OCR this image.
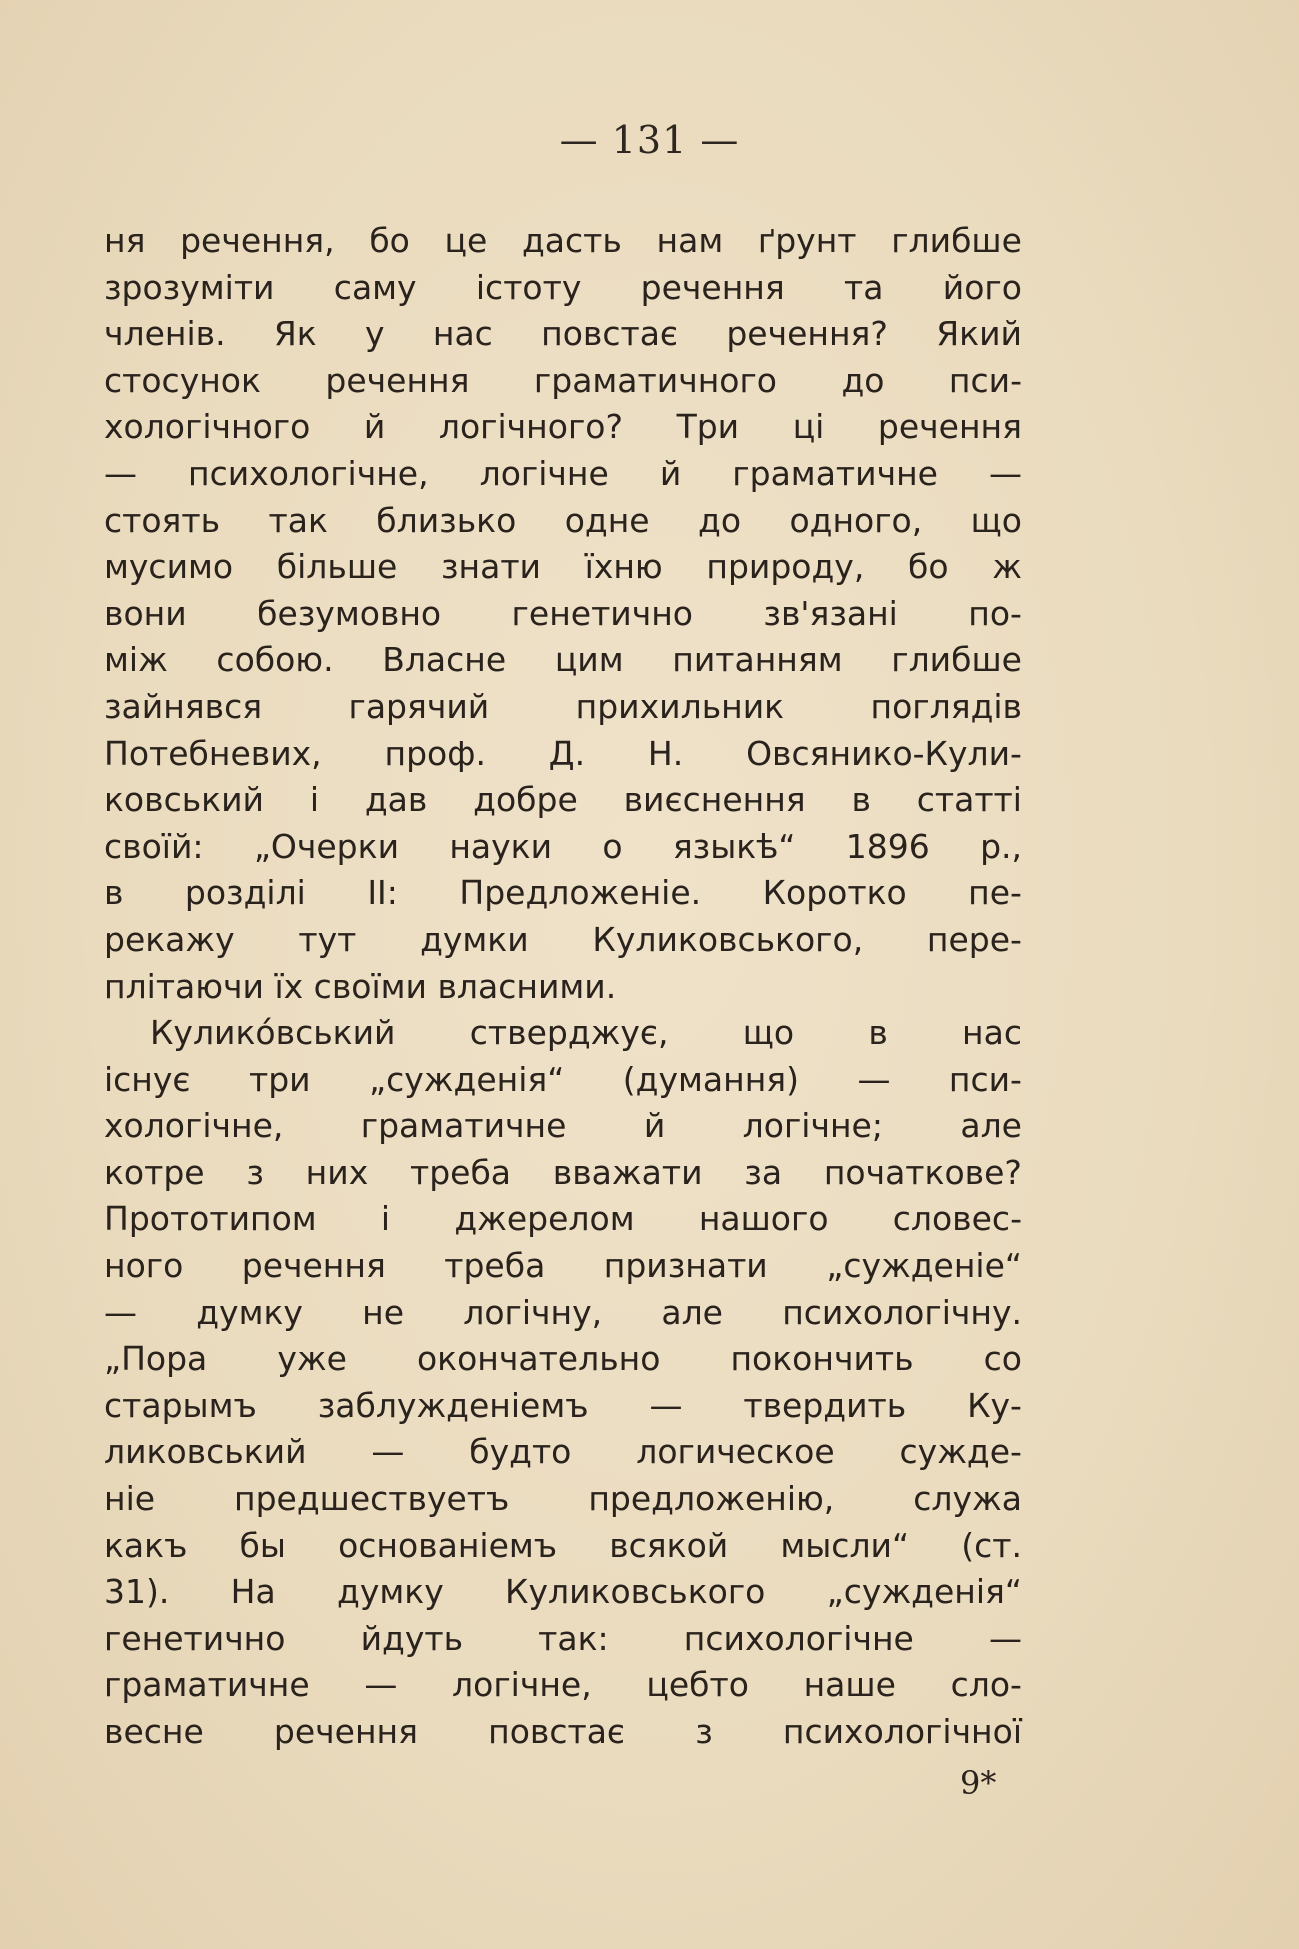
— 131 —
ня речення, бо це дасть нам ґрунт глибше
зрозуміти саму істоту речення та його
членів. Як у нас повстає речення? Який
стосунок речення граматичного до пси-
хологічного й логічного? Три ці речення
— психологічне, логічне й граматичне —
стоять так близько одне до одного, що
мусимо більше знати їхню природу, бо ж
вони безумовно генетично зв'язані по-
між собою. Власне цим питанням глибше
зайнявся	гарячий	прихильник	поглядів
Потебневих, проф. Д. Н. Овсянико-Кули-
ковський і дав добре виєснення в статті
своїй: „Очерки науки о языкѣ“ 1896 р.,
в розділі ІІ: Предложеніе. Коротко пе-
рекажу тут думки Куликовського, пере-
плітаючи їх своїми власними.
Куликóвський стверджує, що в нас
існує три „сужденія“ (думання) — пси-
хологічне, граматичне й логічне; але
котре з них треба вважати за початкове?
Прототипом і джерелом нашого словес-
ного речення треба признати „сужденіе“
— думку не логічну, але психологічну.
„Пора уже окончательно покончить со
старымъ заблужденіемъ — твердить Ку-
ликовський — будто логическое сужде-
ніе предшествуетъ предложенію, служа
какъ бы основаніемъ всякой мысли“ (ст.
31). На думку Куликовського „сужденія“
генетично йдуть так: психологічне —
граматичне — логічне, цебто наше сло-
весне речення повстає з психологічної
9*
